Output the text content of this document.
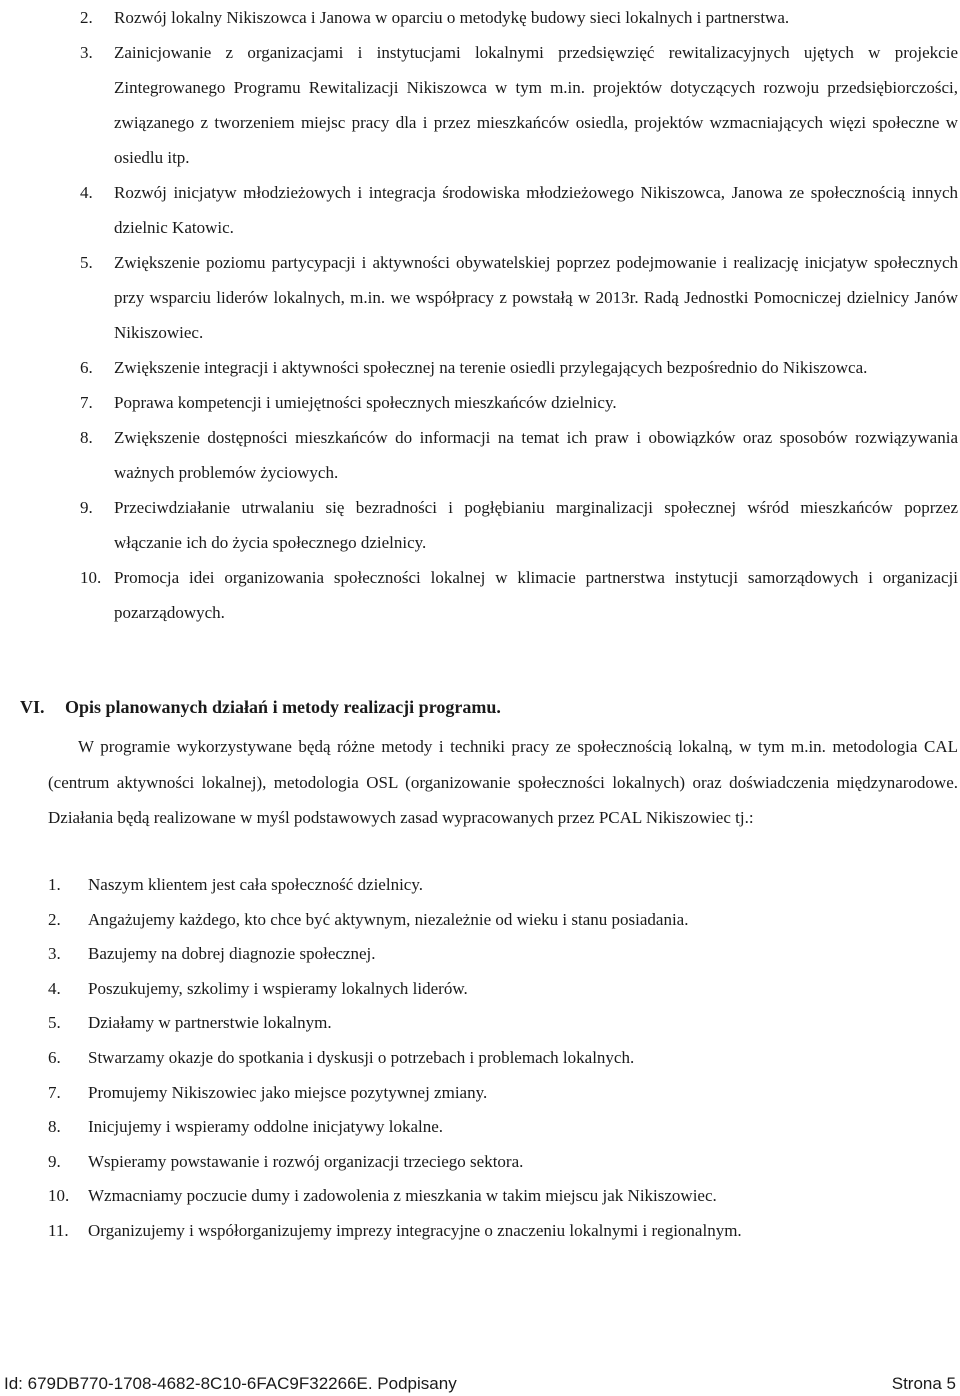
2. Rozwój lokalny Nikiszowca i Janowa w oparciu o metodykę budowy sieci lokalnych i partnerstwa.
3. Zainicjowanie z organizacjami i instytucjami lokalnymi przedsięwzięć rewitalizacyjnych ujętych w projekcie Zintegrowanego Programu Rewitalizacji Nikiszowca w tym m.in. projektów dotyczących rozwoju przedsiębiorczości, związanego z tworzeniem miejsc pracy dla i przez mieszkańców osiedla, projektów wzmacniających więzi społeczne w osiedlu itp.
4. Rozwój inicjatyw młodzieżowych i integracja środowiska młodzieżowego Nikiszowca, Janowa ze społecznością innych dzielnic Katowic.
5. Zwiększenie poziomu partycypacji i aktywności obywatelskiej poprzez podejmowanie i realizację inicjatyw społecznych przy wsparciu liderów lokalnych, m.in. we współpracy z powstałą w 2013r. Radą Jednostki Pomocniczej dzielnicy Janów Nikiszowiec.
6. Zwiększenie integracji i aktywności społecznej na terenie osiedli przylegających bezpośrednio do Nikiszowca.
7. Poprawa kompetencji i umiejętności społecznych mieszkańców dzielnicy.
8. Zwiększenie dostępności mieszkańców do informacji na temat ich praw i obowiązków oraz sposobów rozwiązywania ważnych problemów życiowych.
9. Przeciwdziałanie utrwalaniu się bezradności i pogłębianiu marginalizacji społecznej wśród mieszkańców poprzez włączanie ich do życia społecznego dzielnicy.
10. Promocja idei organizowania społeczności lokalnej w klimacie partnerstwa instytucji samorządowych i organizacji pozarządowych.
VI. Opis planowanych działań i metody realizacji programu.

W programie wykorzystywane będą różne metody i techniki pracy ze społecznością lokalną, w tym m.in. metodologia CAL (centrum aktywności lokalnej), metodologia OSL (organizowanie społeczności lokalnych) oraz doświadczenia międzynarodowe. Działania będą realizowane w myśl podstawowych zasad wypracowanych przez PCAL Nikiszowiec tj.:

1. Naszym klientem jest cała społeczność dzielnicy.
2. Angażujemy każdego, kto chce być aktywnym, niezależnie od wieku i stanu posiadania.
3. Bazujemy na dobrej diagnozie społecznej.
4. Poszukujemy, szkolimy i wspieramy lokalnych liderów.
5. Działamy w partnerstwie lokalnym.
6. Stwarzamy okazje do spotkania i dyskusji o potrzebach i problemach lokalnych.
7. Promujemy Nikiszowiec jako miejsce pozytywnej zmiany.
8. Inicjujemy i wspieramy oddolne inicjatywy lokalne.
9. Wspieramy powstawanie i rozwój organizacji trzeciego sektora.
10. Wzmacniamy poczucie dumy i zadowolenia z mieszkania w takim miejscu jak Nikiszowiec.
11. Organizujemy i współorganizujemy imprezy integracyjne o znaczeniu lokalnymi i regionalnym.
Id: 679DB770-1708-4682-8C10-6FAC9F32266E. Podpisany	Strona 5
